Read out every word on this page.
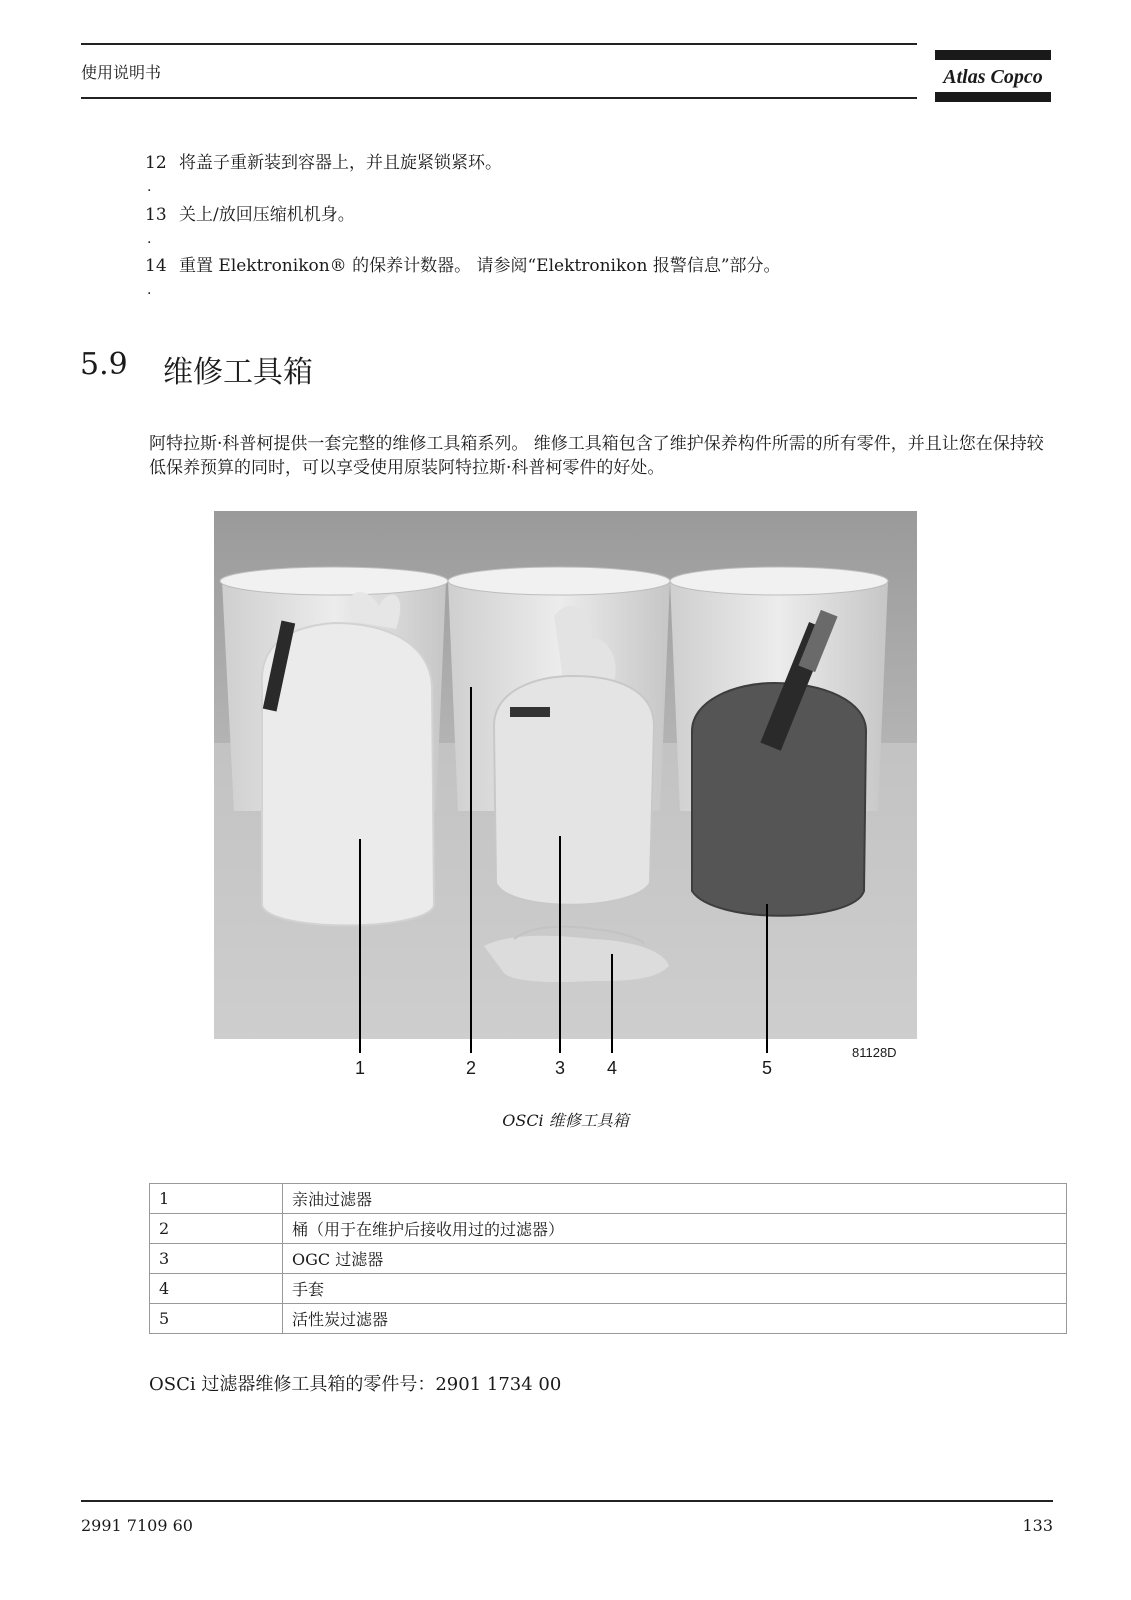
使用说明书	Atlas Copco
12 将盖子重新装到容器上，并且旋紧锁紧环。
.
13 关上/放回压缩机机身。
.
14 重置 Elektronikon® 的保养计数器。 请参阅“Elektronikon 报警信息”部分。
.
5.9 维修工具箱
阿特拉斯·科普柯提供一套完整的维修工具箱系列。 维修工具箱包含了维护保养构件所需的所有零件，并且让您在保持较低保养预算的同时，可以享受使用原装阿特拉斯·科普柯零件的好处。
81128D
1	2	3 4	5
OSCi 维修工具箱
1	亲油过滤器
2	桶（用于在维护后接收用过的过滤器）
3	OGC 过滤器
4	手套
5	活性炭过滤器
OSCi 过滤器维修工具箱的零件号：2901 1734 00
2991 7109 60	133
